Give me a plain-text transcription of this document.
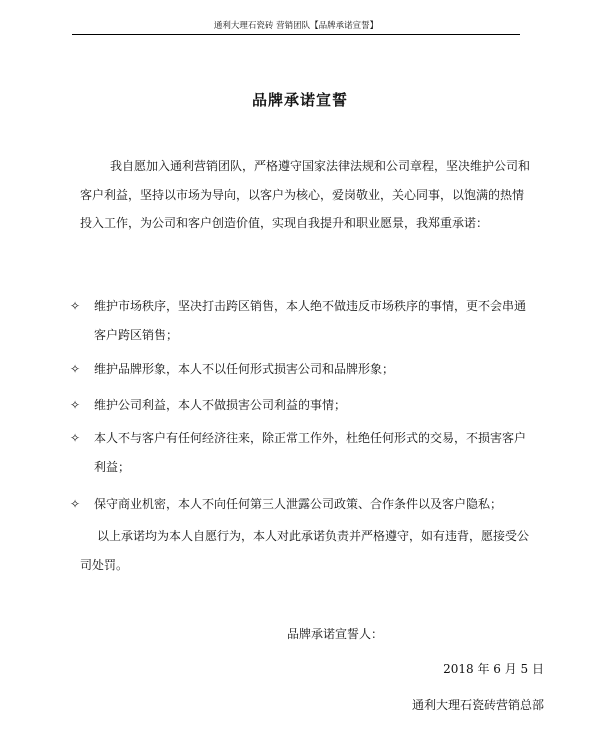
通利大理石瓷砖 营销团队【品牌承诺宣誓】
品牌承诺宣誓
我自愿加入通利营销团队，严格遵守国家法律法规和公司章程，坚决维护公司和客户利益，坚持以市场为导向，以客户为核心，爱岗敬业，关心同事，以饱满的热情投入工作，为公司和客户创造价值，实现自我提升和职业愿景，我郑重承诺：
✧	维护市场秩序，坚决打击跨区销售，本人绝不做违反市场秩序的事情，更不会串通客户跨区销售；
✧	维护品牌形象，本人不以任何形式损害公司和品牌形象；
✧	维护公司利益，本人不做损害公司利益的事情；
✧	本人不与客户有任何经济往来，除正常工作外，杜绝任何形式的交易，不损害客户利益；
✧	保守商业机密，本人不向任何第三人泄露公司政策、合作条件以及客户隐私；
以上承诺均为本人自愿行为，本人对此承诺负责并严格遵守，如有违背，愿接受公司处罚。
品牌承诺宣誓人：
2018 年 6 月 5 日
通利大理石瓷砖营销总部
